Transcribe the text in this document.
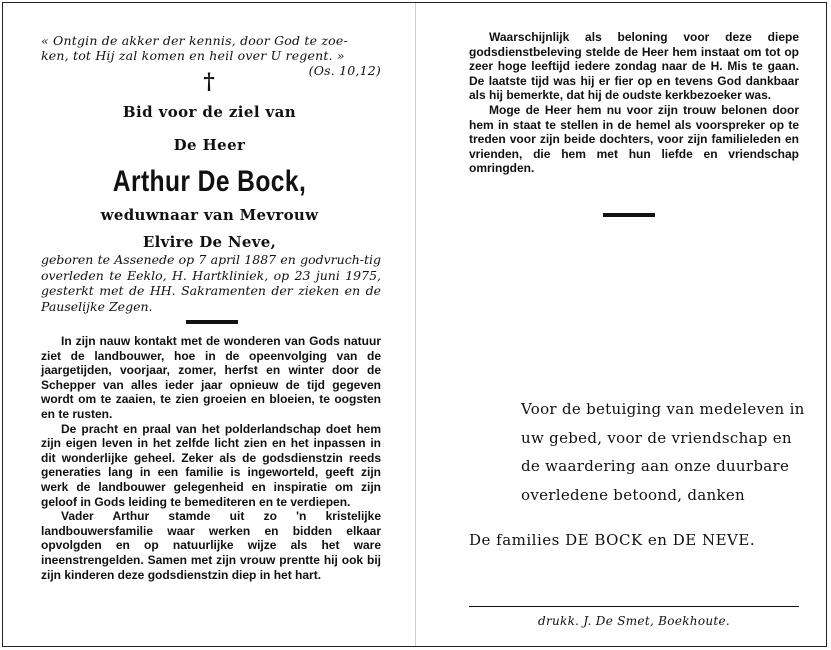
« Ontgin de akker der kennis, door God te zoe-
ken, tot Hij zal komen en heil over U regent. »
(Os. 10,12)
†
Bid voor de ziel van
De Heer
Arthur De Bock,
weduwnaar van Mevrouw
Elvire De Neve,
geboren te Assenede op 7 april 1887 en godvruch-tig overleden te Eeklo, H. Hartkliniek, op 23 juni 1975, gesterkt met de HH. Sakramenten der zieken en de Pauselijke Zegen.

In zijn nauw kontakt met de wonderen van Gods natuur ziet de landbouwer, hoe in de opeenvolging van de jaargetijden, voorjaar, zomer, herfst en winter door de Schepper van alles ieder jaar opnieuw de tijd gegeven wordt om te zaaien, te zien groeien en bloeien, te oogsten en te rusten.

De pracht en praal van het polderlandschap doet hem zijn eigen leven in het zelfde licht zien en het inpassen in dit wonderlijke geheel. Zeker als de godsdienstzin reeds generaties lang in een familie is ingeworteld, geeft zijn werk de landbouwer gelegenheid en inspiratie om zijn geloof in Gods leiding te bemediteren en te verdiepen.

Vader Arthur stamde uit zo 'n kristelijke landbouwersfamilie waar werken en bidden elkaar opvolgden en op natuurlijke wijze als het ware ineenstrengelden. Samen met zijn vrouw prentte hij ook bij zijn kinderen deze godsdienstzin diep in het hart.

Waarschijnlijk als beloning voor deze diepe godsdienstbeleving stelde de Heer hem instaat om tot op zeer hoge leeftijd iedere zondag naar de H. Mis te gaan. De laatste tijd was hij er fier op en tevens God dankbaar als hij bemerkte, dat hij de oudste kerkbezoeker was.

Moge de Heer hem nu voor zijn trouw belonen door hem in staat te stellen in de hemel als voorspreker op te treden voor zijn beide dochters, voor zijn familieleden en vrienden, die hem met hun liefde en vriendschap omringden.

Voor de betuiging van medeleven in uw gebed, voor de vriendschap en de waardering aan onze duurbare overledene betoond, danken
De families DE BOCK en DE NEVE.
drukk. J. De Smet, Boekhoute.
